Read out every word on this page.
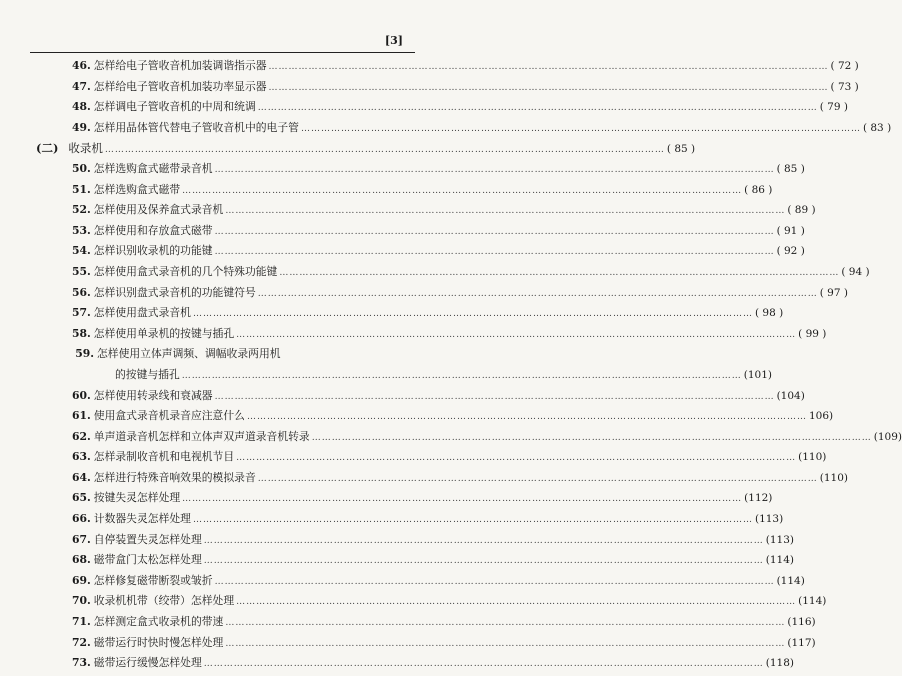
[3]
46. 怎样给电子管收音机加装调谐指示器 ……………………………………………………………………………………………………………………………………………………	( 72 )
47. 怎样给电子管收音机加装功率显示器 ……………………………………………………………………………………………………………………………………………………	( 73 )
48. 怎样调电子管收音机的中周和统调 ……………………………………………………………………………………………………………………………………………………	( 79 )
49. 怎样用晶体管代替电子管收音机中的电子管 ……………………………………………………………………………………………………………………………………………………	( 83 )
(二) 收录机 ……………………………………………………………………………………………………………………………………………………	( 85 )
50. 怎样选购盒式磁带录音机 ……………………………………………………………………………………………………………………………………………………	( 85 )
51. 怎样选购盒式磁带 ……………………………………………………………………………………………………………………………………………………	( 86 )
52. 怎样使用及保养盒式录音机 ……………………………………………………………………………………………………………………………………………………	( 89 )
53. 怎样使用和存放盒式磁带 ……………………………………………………………………………………………………………………………………………………	( 91 )
54. 怎样识别收录机的功能键 ……………………………………………………………………………………………………………………………………………………	( 92 )
55. 怎样使用盒式录音机的几个特殊功能键 ……………………………………………………………………………………………………………………………………………………	( 94 )
56. 怎样识别盘式录音机的功能键符号 ……………………………………………………………………………………………………………………………………………………	( 97 )
57. 怎样使用盘式录音机 ……………………………………………………………………………………………………………………………………………………	( 98 )
58. 怎样使用单录机的按键与插孔 ……………………………………………………………………………………………………………………………………………………	( 99 )
59. 怎样使用立体声调频、调幅收录两用机
的按键与插孔 ……………………………………………………………………………………………………………………………………………………	(101)
60. 怎样使用转录线和衰减器 ……………………………………………………………………………………………………………………………………………………	(104)
61. 使用盒式录音机录音应注意什么 ……………………………………………………………………………………………………………………………………………………	106)
62. 单声道录音机怎样和立体声双声道录音机转录 ……………………………………………………………………………………………………………………………………………………	(109)
63. 怎样录制收音机和电视机节目 ……………………………………………………………………………………………………………………………………………………	(110)
64. 怎样进行特殊音响效果的模拟录音 ……………………………………………………………………………………………………………………………………………………	(110)
65. 按键失灵怎样处理 ……………………………………………………………………………………………………………………………………………………	(112)
66. 计数器失灵怎样处理 ……………………………………………………………………………………………………………………………………………………	(113)
67. 自停装置失灵怎样处理 ……………………………………………………………………………………………………………………………………………………	(113)
68. 磁带盒门太松怎样处理 ……………………………………………………………………………………………………………………………………………………	(114)
69. 怎样修复磁带断裂或皱折 ……………………………………………………………………………………………………………………………………………………	(114)
70. 收录机机带（绞带）怎样处理 ……………………………………………………………………………………………………………………………………………………	(114)
71. 怎样测定盒式收录机的带速 ……………………………………………………………………………………………………………………………………………………	(116)
72. 磁带运行时快时慢怎样处理 ……………………………………………………………………………………………………………………………………………………	(117)
73. 磁带运行缓慢怎样处理 ……………………………………………………………………………………………………………………………………………………	(118)
